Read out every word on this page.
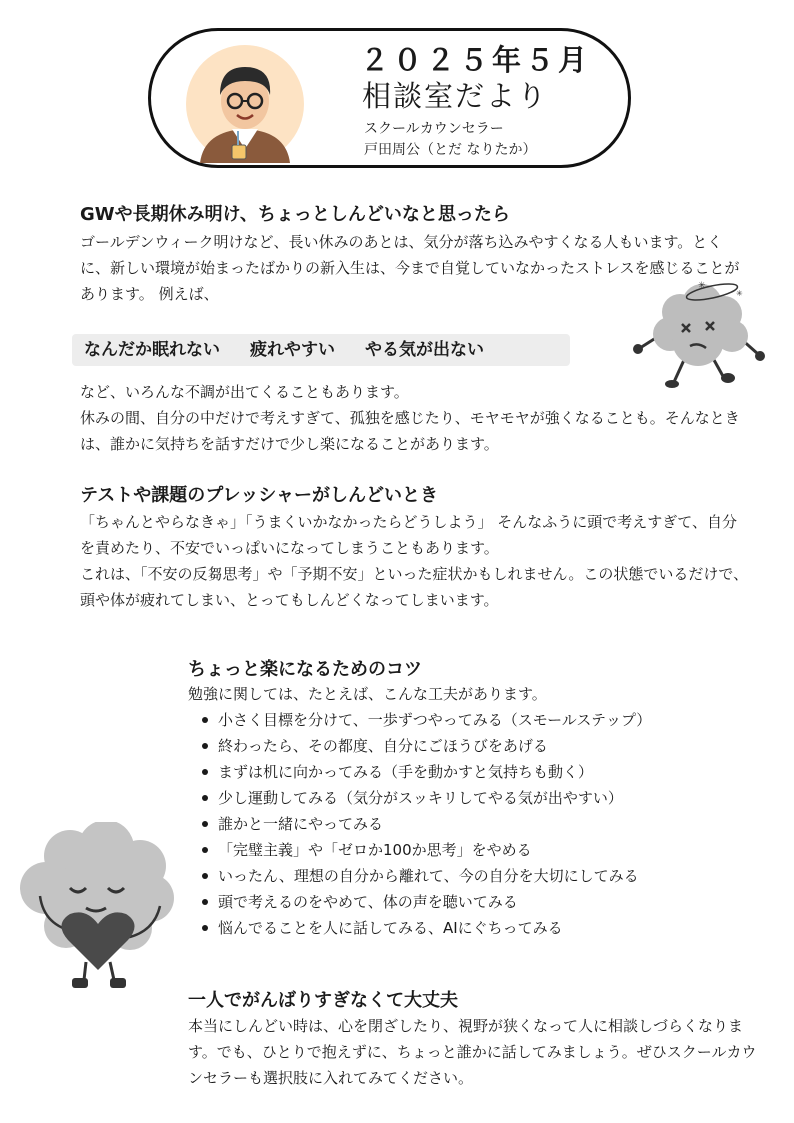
２０２５年５月
相談室だより
スクールカウンセラー
戸田周公（とだ なりたか）
GWや長期休み明け、ちょっとしんどいなと思ったら

ゴールデンウィーク明けなど、長い休みのあとは、気分が落ち込みやすくなる人もいます。とくに、新しい環境が始まったばかりの新入生は、今まで自覚していなかったストレスを感じることがあります。 例えば、

なんだか眠れない 疲れやすい やる気が出ない
✳
✳

など、いろんな不調が出てくることもあります。
休みの間、自分の中だけで考えすぎて、孤独を感じたり、モヤモヤが強くなることも。そんなときは、誰かに気持ちを話すだけで少し楽になることがあります。

テストや課題のプレッシャーがしんどいとき

「ちゃんとやらなきゃ」「うまくいかなかったらどうしよう」 そんなふうに頭で考えすぎて、自分を責めたり、不安でいっぱいになってしまうこともあります。
これは、「不安の反芻思考」や「予期不安」といった症状かもしれません。この状態でいるだけで、頭や体が疲れてしまい、とってもしんどくなってしまいます。

ちょっと楽になるためのコツ

勉強に関しては、たとえば、こんな工夫があります。

小さく目標を分けて、一歩ずつやってみる（スモールステップ）
終わったら、その都度、自分にごほうびをあげる
まずは机に向かってみる（手を動かすと気持ちも動く）
少し運動してみる（気分がスッキリしてやる気が出やすい）
誰かと一緒にやってみる
「完璧主義」や「ゼロか100か思考」をやめる
いったん、理想の自分から離れて、今の自分を大切にしてみる
頭で考えるのをやめて、体の声を聴いてみる
悩んでることを人に話してみる、AIにぐちってみる
一人でがんばりすぎなくて大丈夫

本当にしんどい時は、心を閉ざしたり、視野が狭くなって人に相談しづらくなります。でも、ひとりで抱えずに、ちょっと誰かに話してみましょう。ぜひスクールカウンセラーも選択肢に入れてみてください。
